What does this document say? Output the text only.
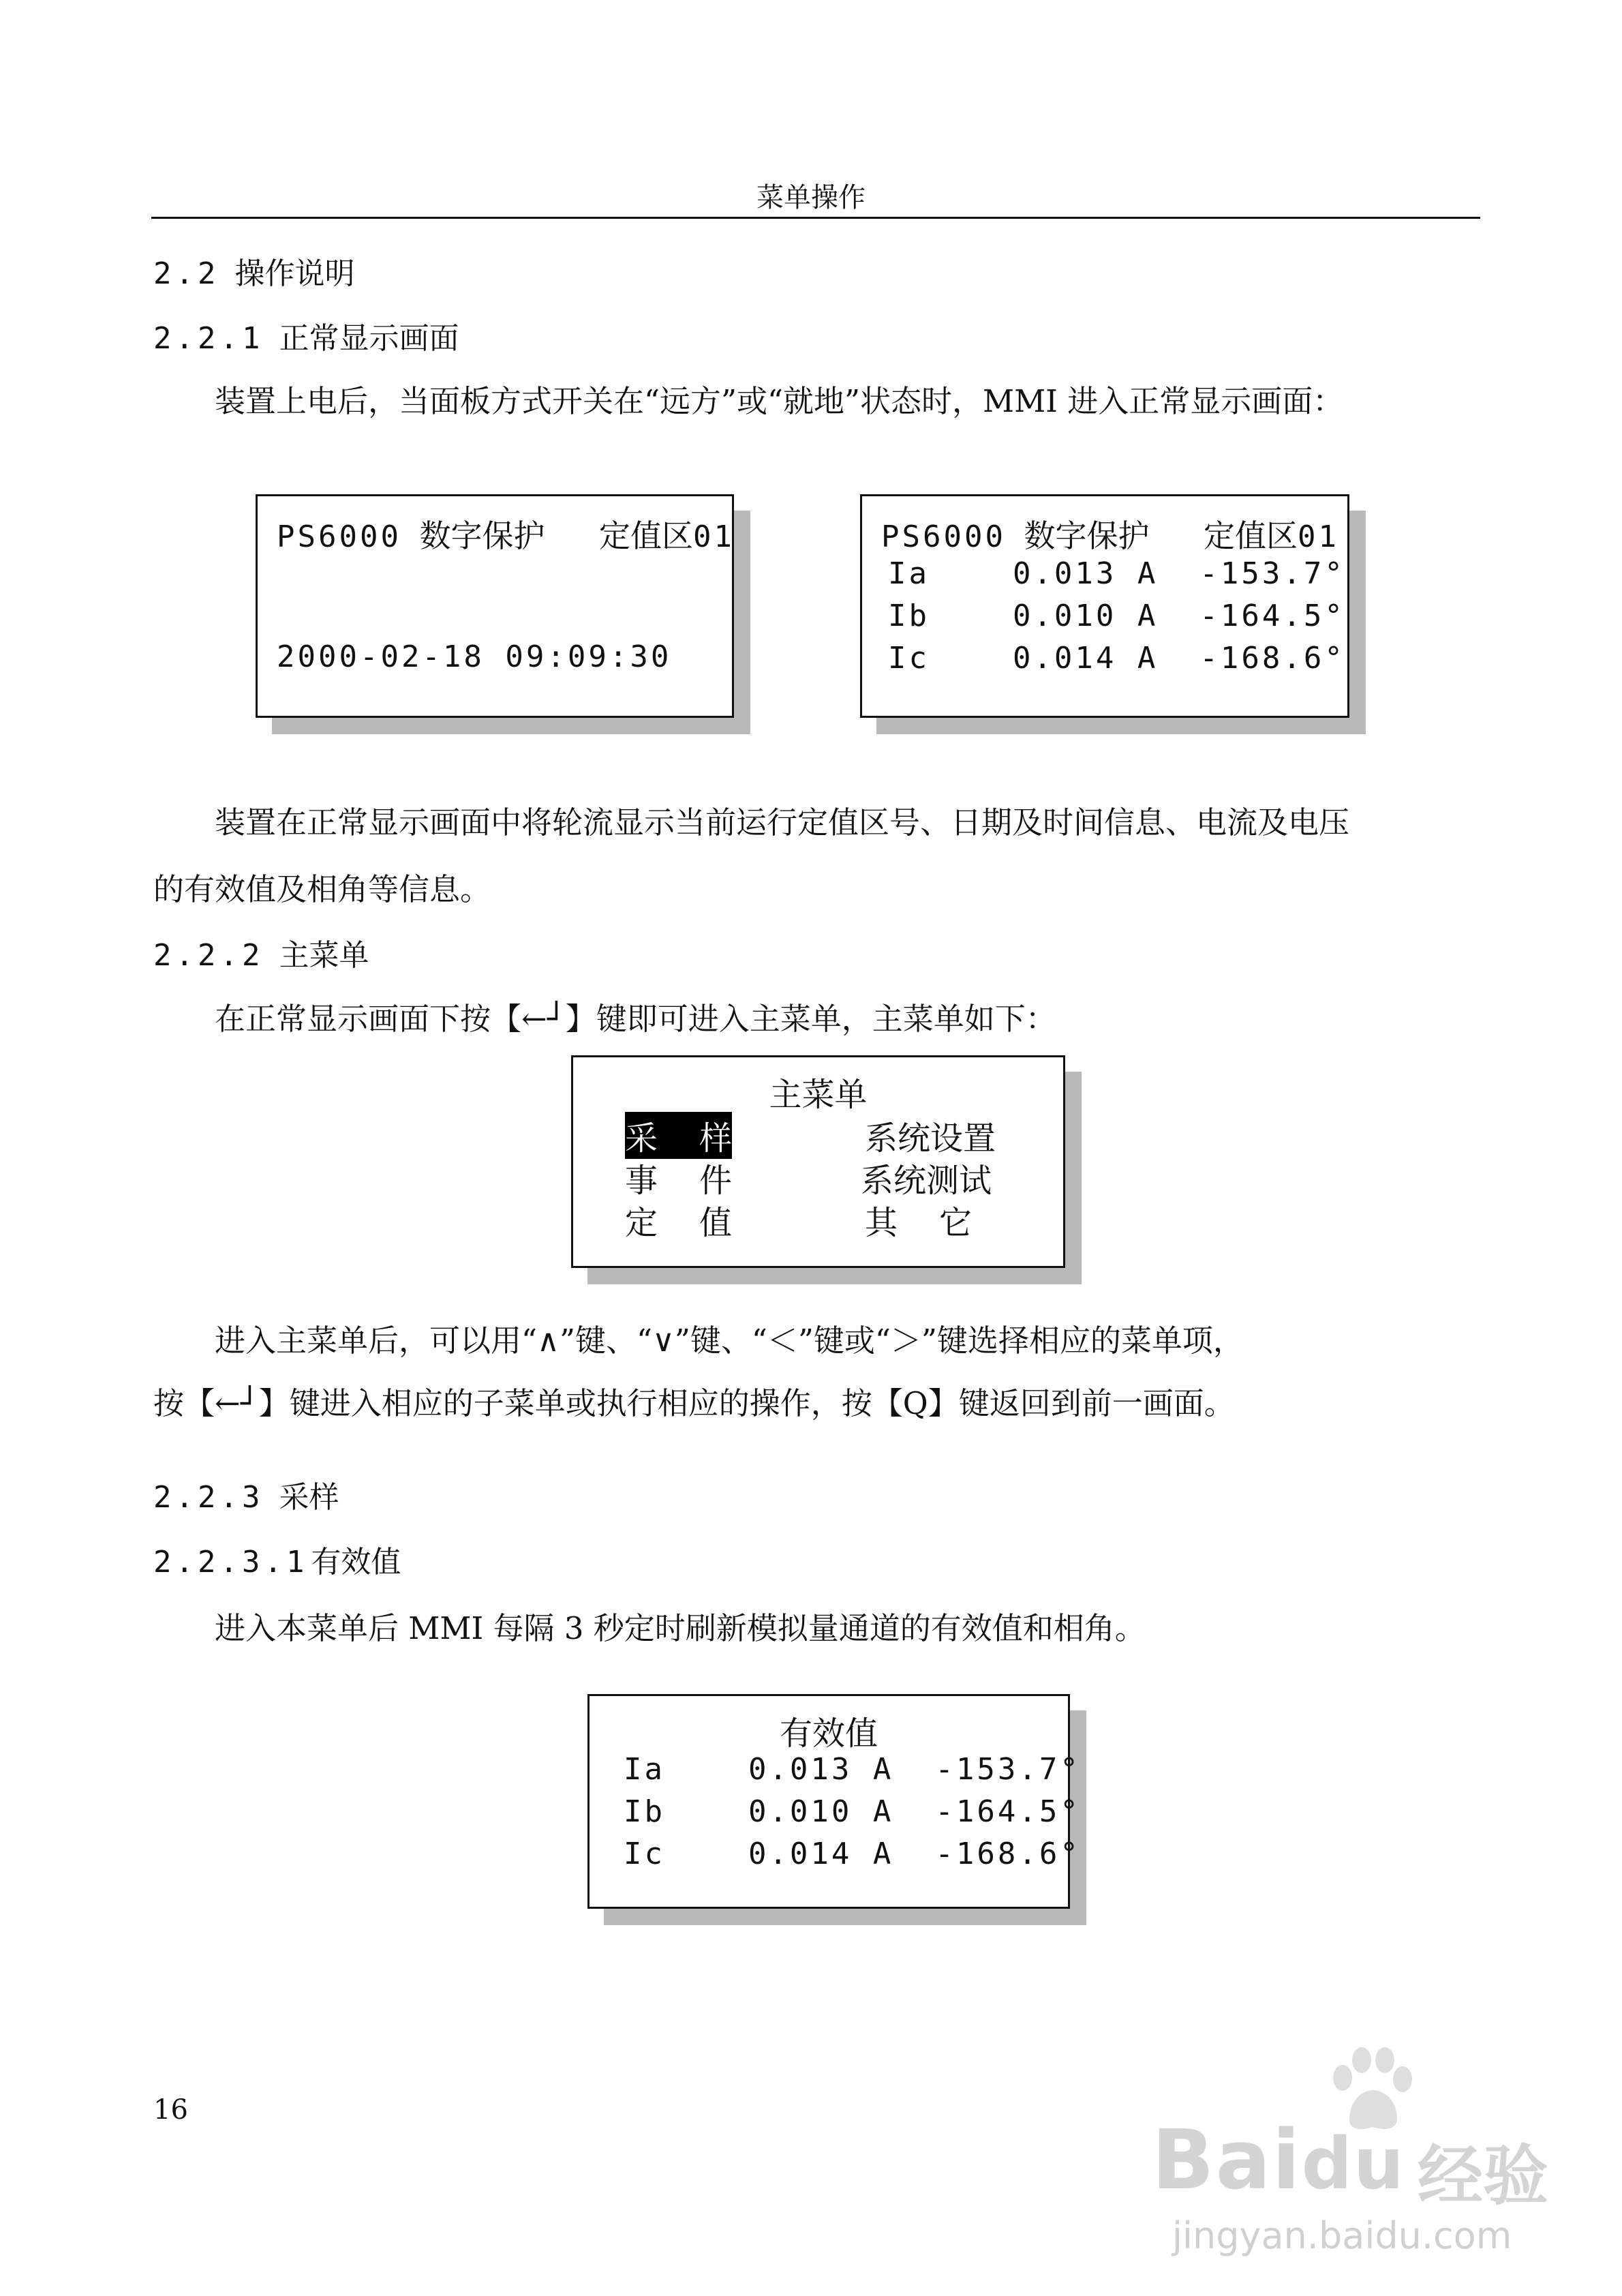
菜单操作
2.2 操作说明
2.2.1 正常显示画面
装置上电后，当面板方式开关在“远方”或“就地”状态时，MMI 进入正常显示画面：
PS6000 数字保护 定值区01
2000-02-18 09:09:30
PS6000 数字保护 定值区01
Ia	0.013 A -153.7°
Ib	0.010 A -164.5°
Ic	0.014 A -168.6°
装置在正常显示画面中将轮流显示当前运行定值区号、日期及时间信息、电流及电压
的有效值及相角等信息。
2.2.2 主菜单
在正常显示画面下按【←┘】键即可进入主菜单，主菜单如下：
主菜单
采    样	系统设置
事    件	系统测试
定    值	其    它
进入主菜单后，可以用“∧”键、“∨”键、“＜”键或“＞”键选择相应的菜单项，
按【←┘】键进入相应的子菜单或执行相应的操作，按【Q】键返回到前一画面。
2.2.3 采样
2.2.3.1有效值
进入本菜单后 MMI 每隔 3 秒定时刷新模拟量通道的有效值和相角。
有效值
Ia	0.013 A -153.7°
Ib	0.010 A -164.5°
Ic	0.014 A -168.6°
16
Baidu 经验
jingyan.baidu.com
